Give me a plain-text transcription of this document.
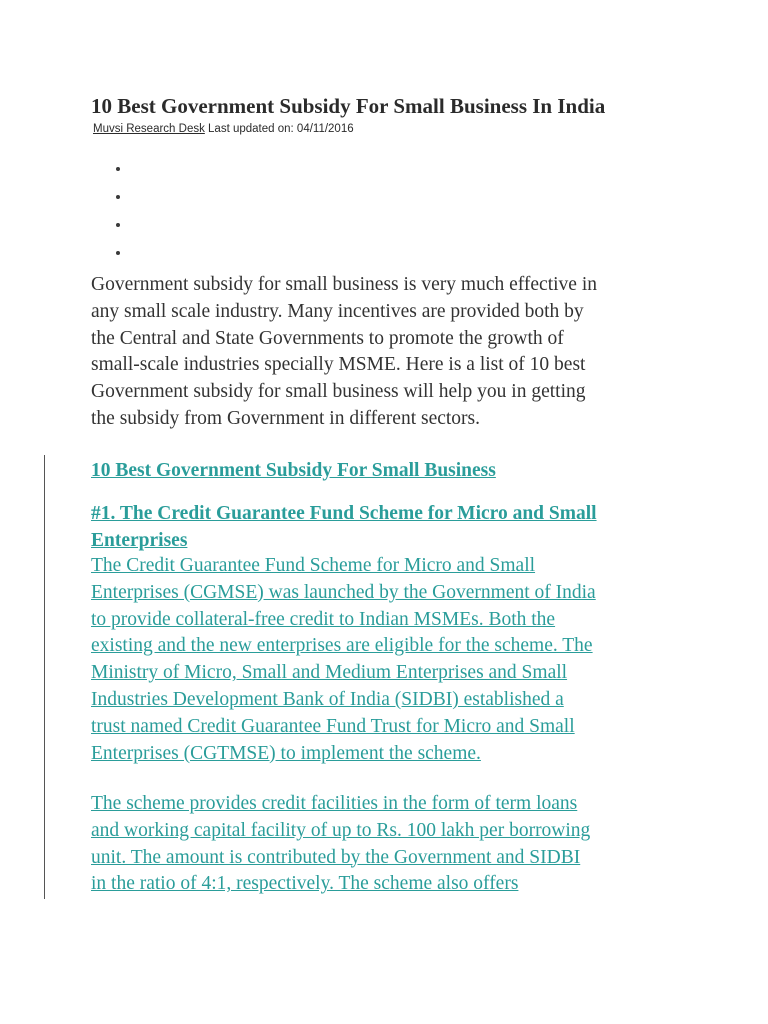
10 Best Government Subsidy For Small Business In India
Muvsi Research Desk Last updated on: 04/11/2016

Government subsidy for small business is very much effective in
any small scale industry. Many incentives are provided both by
the Central and State Governments to promote the growth of
small-scale industries specially MSME. Here is a list of 10 best
Government subsidy for small business will help you in getting
the subsidy from Government in different sectors.

10 Best Government Subsidy For Small Business
#1. The Credit Guarantee Fund Scheme for Micro and Small
Enterprises

The Credit Guarantee Fund Scheme for Micro and Small
Enterprises (CGMSE) was launched by the Government of India
to provide collateral-free credit to Indian MSMEs. Both the
existing and the new enterprises are eligible for the scheme. The
Ministry of Micro, Small and Medium Enterprises and Small
Industries Development Bank of India (SIDBI) established a
trust named Credit Guarantee Fund Trust for Micro and Small
Enterprises (CGTMSE) to implement the scheme.

The scheme provides credit facilities in the form of term loans
and working capital facility of up to Rs. 100 lakh per borrowing
unit. The amount is contributed by the Government and SIDBI
in the ratio of 4:1, respectively. The scheme also offers
